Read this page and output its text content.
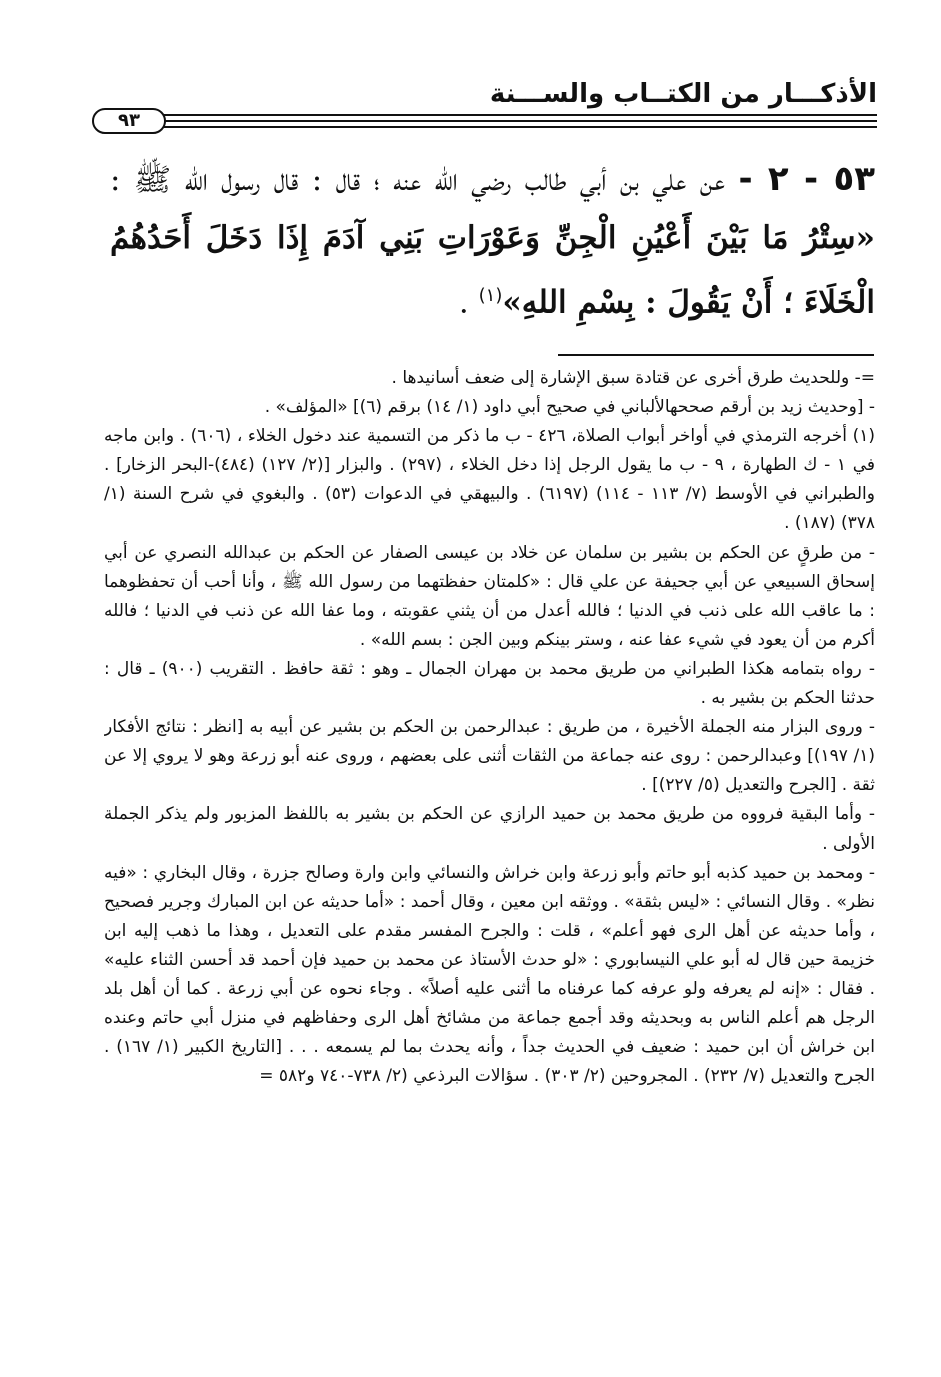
الأذكـــار من الكتــاب والســـنة
٩٣
٥٣ - ٢ - عن علي بن أبي طالب رضي الله عنه ؛ قال : قال رسول الله ﷺ : «سِتْرُ مَا بَيْنَ أَعْيُنِ الْجِنِّ وَعَوْرَاتِ بَنِي آدَمَ إِذَا دَخَلَ أَحَدُهُمُ الْخَلَاءَ ؛ أَنْ يَقُولَ : بِسْمِ اللهِ»$^{(١)}$ .

=- وللحديث طرق أخرى عن قتادة سبق الإشارة إلى ضعف أسانيدها .

- [وحديث زيد بن أرقم صححهالألباني في صحيح أبي داود (١/ ١٤) برقم (٦)] «المؤلف» .

(١) أخرجه الترمذي في أواخر أبواب الصلاة، ٤٢٦ - ب ما ذكر من التسمية عند دخول الخلاء ، (٦٠٦) . وابن ماجه في ١ - ك الطهارة ، ٩ - ب ما يقول الرجل إذا دخل الخلاء ، (٢٩٧) . والبزار [(٢/ ١٢٧) (٤٨٤)-البحر الزخار] . والطبراني في الأوسط (٧/ ١١٣ - ١١٤) (٦١٩٧) . والبيهقي في الدعوات (٥٣) . والبغوي في شرح السنة (١/ ٣٧٨) (١٨٧) .

- من طرقٍ عن الحكم بن بشير بن سلمان عن خلاد بن عيسى الصفار عن الحكم بن عبدالله النصري عن أبي إسحاق السبيعي عن أبي جحيفة عن علي قال : «كلمتان حفظتهما من رسول الله ﷺ ، وأنا أحب أن تحفظوهما : ما عاقب الله على ذنب في الدنيا ؛ فالله أعدل من أن يثني عقوبته ، وما عفا الله عن ذنب في الدنيا ؛ فالله أكرم من أن يعود في شيء عفا عنه ، وستر بينكم وبين الجن : بسم الله» .

- رواه بتمامه هكذا الطبراني من طريق محمد بن مهران الجمال ـ وهو : ثقة حافظ . التقريب (٩٠٠) ـ قال : حدثنا الحكم بن بشير به .

- وروى البزار منه الجملة الأخيرة ، من طريق : عبدالرحمن بن الحكم بن بشير عن أبيه به [انظر : نتائج الأفكار (١/ ١٩٧)] وعبدالرحمن : روى عنه جماعة من الثقات أثنى على بعضهم ، وروى عنه أبو زرعة وهو لا يروي إلا عن ثقة . [الجرح والتعديل (٥/ ٢٢٧)] .

- وأما البقية فرووه من طريق محمد بن حميد الرازي عن الحكم بن بشير به باللفظ المزبور ولم يذكر الجملة الأولى .

- ومحمد بن حميد كذبه أبو حاتم وأبو زرعة وابن خراش والنسائي وابن وارة وصالح جزرة ، وقال البخاري : «فيه نظر» . وقال النسائي : «ليس بثقة» . ووثقه ابن معين ، وقال أحمد : «أما حديثه عن ابن المبارك وجرير فصحيح ، وأما حديثه عن أهل الرى فهو أعلم» ، قلت : والجرح المفسر مقدم على التعديل ، وهذا ما ذهب إليه ابن خزيمة حين قال له أبو علي النيسابوري : «لو حدث الأستاذ عن محمد بن حميد فإن أحمد قد أحسن الثناء عليه» . فقال : «إنه لم يعرفه ولو عرفه كما عرفناه ما أثنى عليه أصلاً» . وجاء نحوه عن أبي زرعة . كما أن أهل بلد الرجل هم أعلم الناس به وبحديثه وقد أجمع جماعة من مشائخ أهل الرى وحفاظهم في منزل أبي حاتم وعنده ابن خراش أن ابن حميد : ضعيف في الحديث جداً ، وأنه يحدث بما لم يسمعه . . . [التاريخ الكبير (١/ ١٦٧) . الجرح والتعديل (٧/ ٢٣٢) . المجروحين (٢/ ٣٠٣) . سؤالات البرذعي (٢/ ٧٣٨-٧٤٠ و٥٨٢ =
